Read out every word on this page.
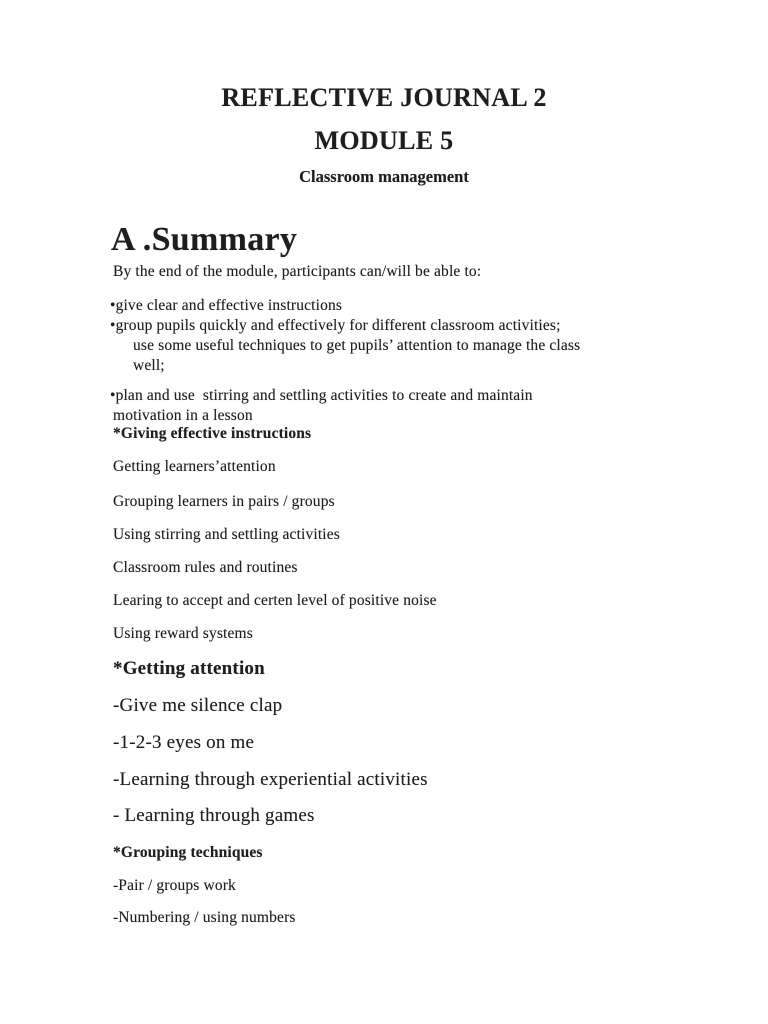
REFLECTIVE JOURNAL 2
MODULE 5
Classroom management
A .Summary
By the end of the module, participants can/will be able to:
•give clear and effective instructions
•group pupils quickly and effectively for different classroom activities;
use some useful techniques to get pupils’ attention to manage the class
well;
•plan and use  stirring and settling activities to create and maintain
motivation in a lesson
*Giving effective instructions
Getting learners’attention
Grouping learners in pairs / groups
Using stirring and settling activities
Classroom rules and routines
Learing to accept and certen level of positive noise
Using reward systems
*Getting attention
-Give me silence clap
-1-2-3 eyes on me
-Learning through experiential activities
- Learning through games
*Grouping techniques
-Pair / groups work
-Numbering / using numbers
